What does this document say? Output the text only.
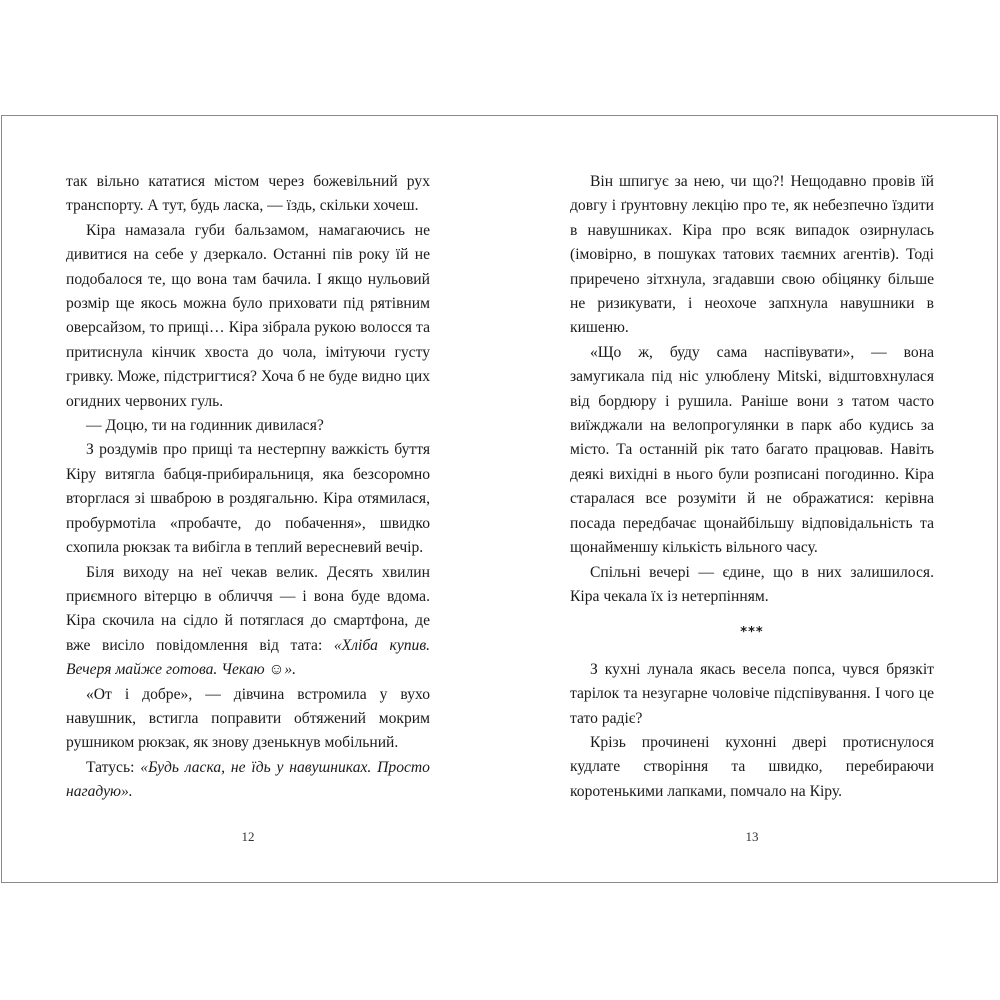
так вільно кататися містом через божевільний рух транспорту. А тут, будь ласка, — їздь, скільки хочеш.

Кіра намазала губи бальзамом, намагаючись не дивитися на себе у дзеркало. Останні пів року їй не подобалося те, що вона там бачила. І якщо нульовий розмір ще якось можна було приховати під рятівним оверсайзом, то прищі… Кіра зібрала рукою волосся та притиснула кінчик хвоста до чола, імітуючи густу гривку. Може, підстригтися? Хоча б не буде видно цих огидних червоних гуль.

— Доцю, ти на годинник дивилася?

З роздумів про прищі та нестерпну важкість буття Кіру витягла бабця-прибиральниця, яка безсоромно вторглася зі шваброю в роздягальню. Кіра отямилася, пробурмотіла «пробачте, до побачення», швидко схопила рюкзак та вибігла в теплий вересневий вечір.

Біля виходу на неї чекав велик. Десять хвилин приємного вітерцю в обличчя — і вона буде вдома. Кіра скочила на сідло й потяглася до смартфона, де вже висіло повідомлення від тата: «Хліба купив. Вечеря майже готова. Чекаю ☺».

«От і добре», — дівчина встромила у вухо навушник, встигла поправити обтяжений мокрим рушником рюкзак, як знову дзенькнув мобільний.

Татусь: «Будь ласка, не їдь у навушниках. Просто нагадую».

12

Він шпигує за нею, чи що?! Нещодавно провів їй довгу і ґрунтовну лекцію про те, як небезпечно їздити в навушниках. Кіра про всяк випадок озирнулась (імовірно, в пошуках татових таємних агентів). Тоді приречено зітхнула, згадавши свою обіцянку більше не ризикувати, і неохоче запхнула навушники в кишеню.

«Що ж, буду сама наспівувати», — вона замугикала під ніс улюблену Mitski, відштовхнулася від бордюру і рушила. Раніше вони з татом часто виїжджали на велопрогулянки в парк або кудись за місто. Та останній рік тато багато працював. Навіть деякі вихідні в нього були розписані погодинно. Кіра старалася все розуміти й не ображатися: керівна посада передбачає щонайбільшу відповідальність та щонайменшу кількість вільного часу.

Спільні вечері — єдине, що в них залишилося. Кіра чекала їх із нетерпінням.

***

З кухні лунала якась весела попса, чувся брязкіт тарілок та незугарне чоловіче підспівування. І чого це тато радіє?

Крізь прочинені кухонні двері протиснулося кудлате створіння та швидко, перебираючи коротенькими лапками, помчало на Кіру.

13
